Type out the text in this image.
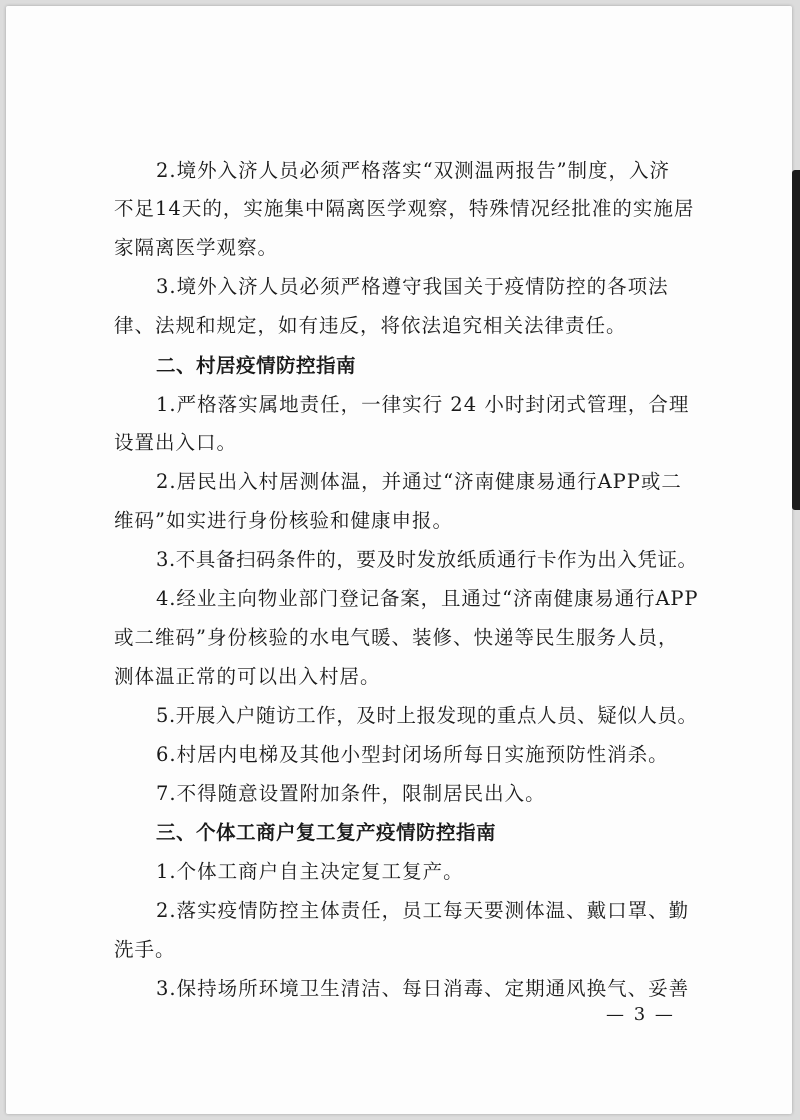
2.境外入济人员必须严格落实“双测温两报告”制度，入济
不足14天的，实施集中隔离医学观察，特殊情况经批准的实施居
家隔离医学观察。
3.境外入济人员必须严格遵守我国关于疫情防控的各项法
律、法规和规定，如有违反，将依法追究相关法律责任。
二、村居疫情防控指南
1.严格落实属地责任，一律实行 24 小时封闭式管理，合理
设置出入口。
2.居民出入村居测体温，并通过“济南健康易通行APP或二
维码”如实进行身份核验和健康申报。
3.不具备扫码条件的，要及时发放纸质通行卡作为出入凭证。
4.经业主向物业部门登记备案，且通过“济南健康易通行APP
或二维码”身份核验的水电气暖、装修、快递等民生服务人员，
测体温正常的可以出入村居。
5.开展入户随访工作，及时上报发现的重点人员、疑似人员。
6.村居内电梯及其他小型封闭场所每日实施预防性消杀。
7.不得随意设置附加条件，限制居民出入。
三、个体工商户复工复产疫情防控指南
1.个体工商户自主决定复工复产。
2.落实疫情防控主体责任，员工每天要测体温、戴口罩、勤
洗手。
3.保持场所环境卫生清洁、每日消毒、定期通风换气、妥善
— 3 —
